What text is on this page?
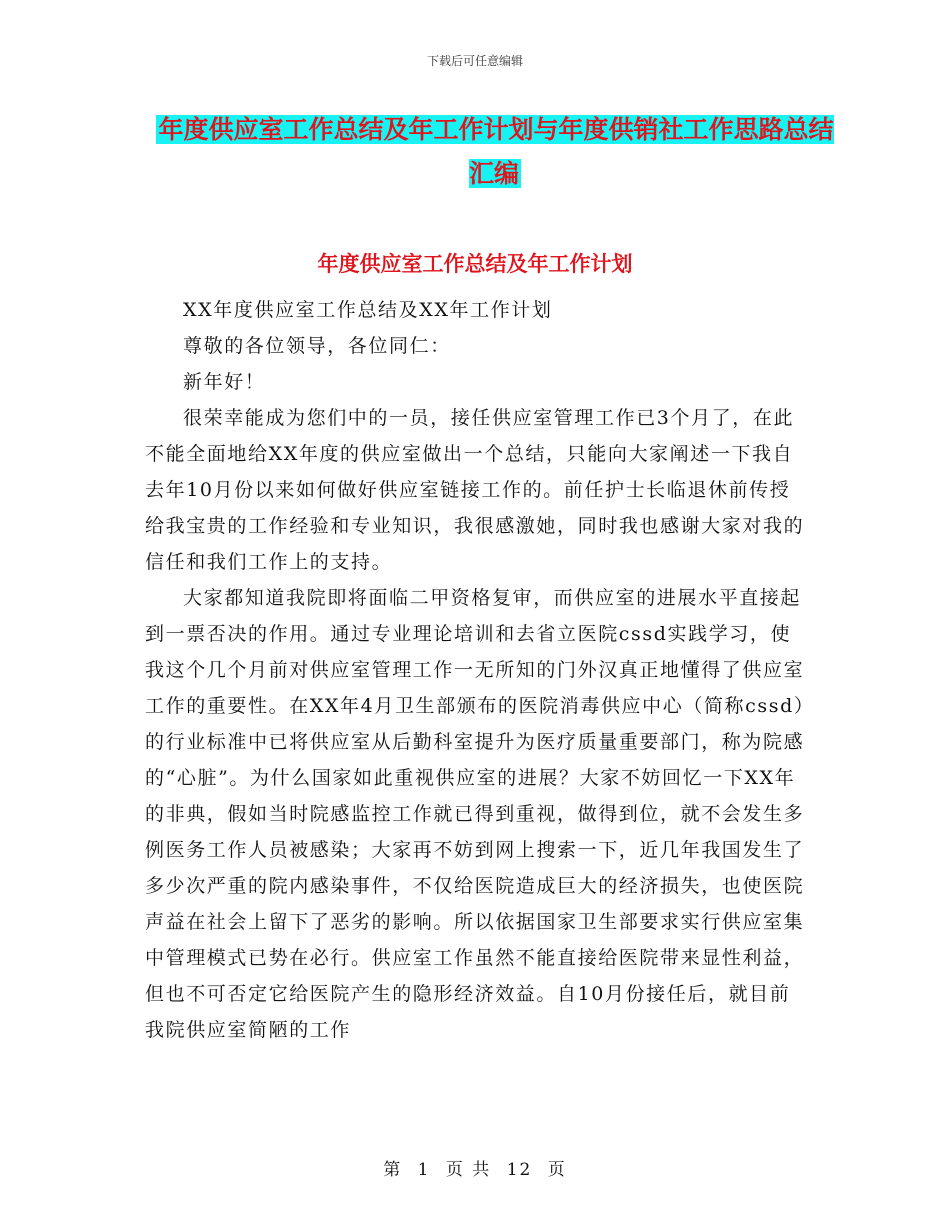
下载后可任意编辑
年度供应室工作总结及年工作计划与年度供销社工作思路总结汇编
年度供应室工作总结及年工作计划

XX年度供应室工作总结及XX年工作计划

尊敬的各位领导，各位同仁：

新年好！

很荣幸能成为您们中的一员，接任供应室管理工作已3个月了，在此不能全面地给XX年度的供应室做出一个总结，只能向大家阐述一下我自去年10月份以来如何做好供应室链接工作的。前任护士长临退休前传授给我宝贵的工作经验和专业知识，我很感激她，同时我也感谢大家对我的信任和我们工作上的支持。

大家都知道我院即将面临二甲资格复审，而供应室的进展水平直接起到一票否决的作用。通过专业理论培训和去省立医院cssd实践学习，使我这个几个月前对供应室管理工作一无所知的门外汉真正地懂得了供应室工作的重要性。在XX年4月卫生部颁布的医院消毒供应中心（简称cssd）的行业标准中已将供应室从后勤科室提升为医疗质量重要部门，称为院感的“心脏”。为什么国家如此重视供应室的进展？大家不妨回忆一下XX年的非典，假如当时院感监控工作就已得到重视，做得到位，就不会发生多例医务工作人员被感染；大家再不妨到网上搜索一下，近几年我国发生了多少次严重的院内感染事件，不仅给医院造成巨大的经济损失，也使医院声益在社会上留下了恶劣的影响。所以依据国家卫生部要求实行供应室集中管理模式已势在必行。供应室工作虽然不能直接给医院带来显性利益，但也不可否定它给医院产生的隐形经济效益。自10月份接任后，就目前我院供应室简陋的工作

第 1 页 共 12 页
